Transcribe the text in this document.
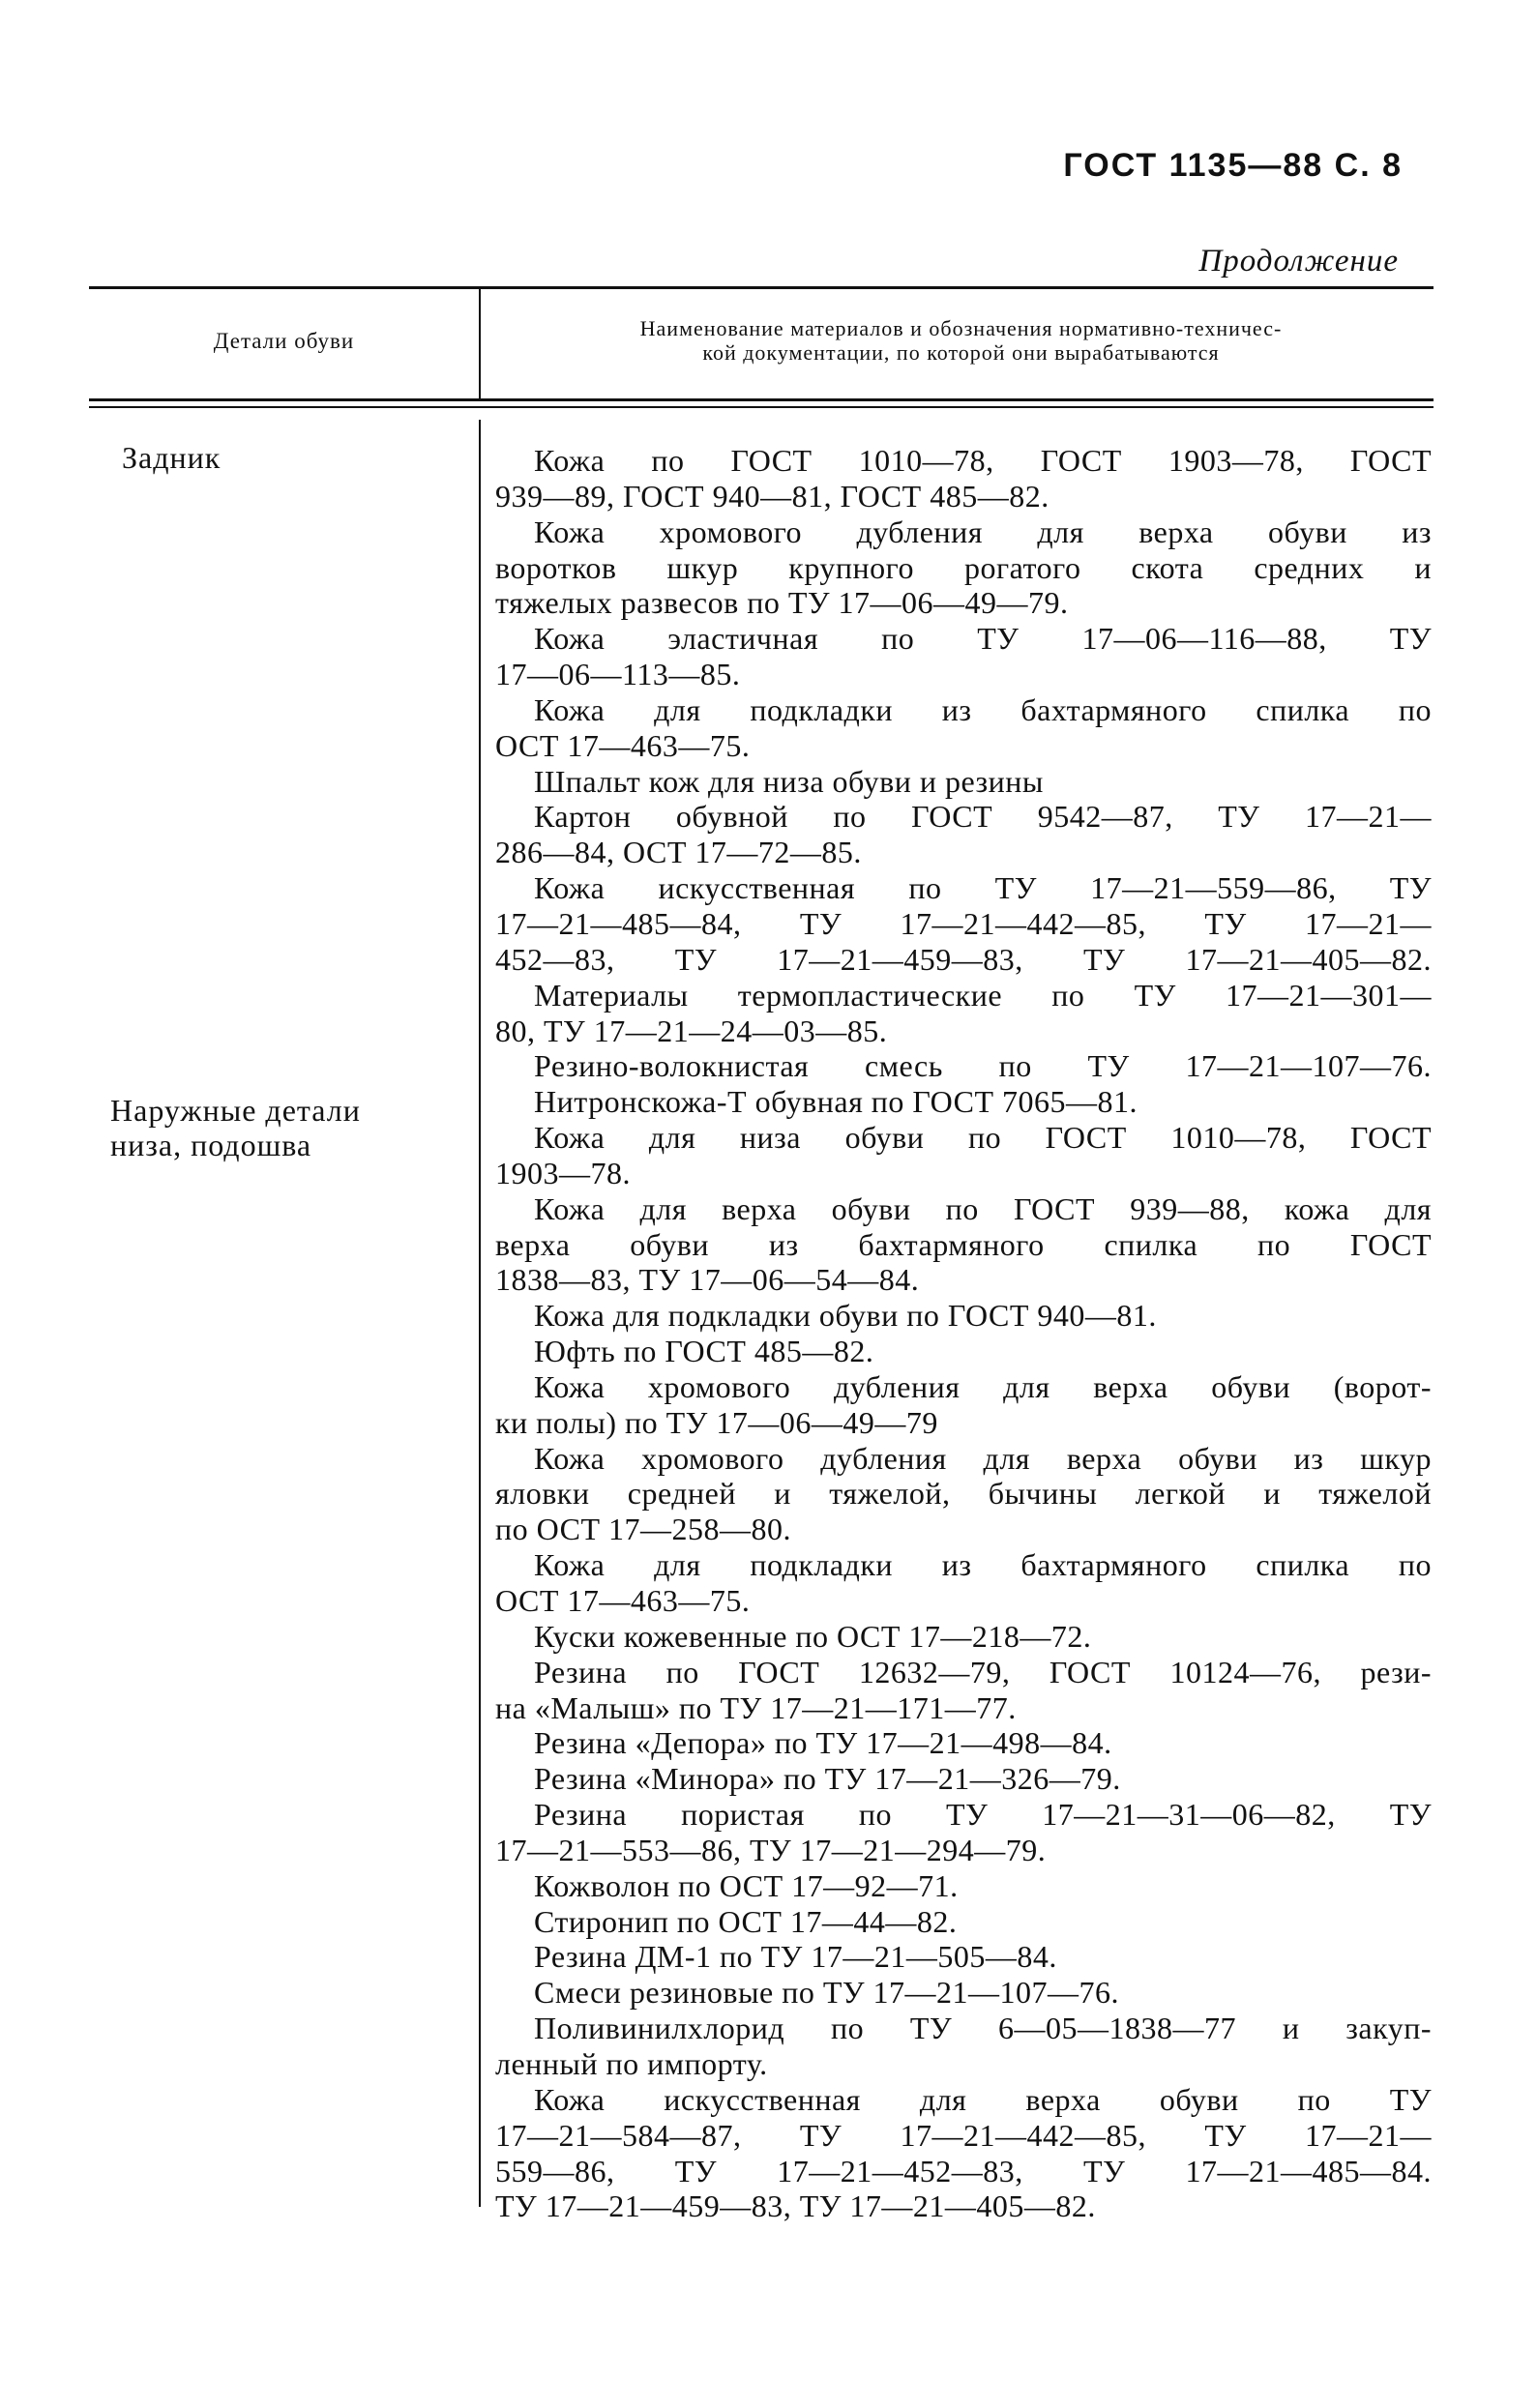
ГОСТ 1135—88 С. 8
Продолжение
Детали обуви
Наименование материалов и обозначения нормативно-техничес-
кой документации, по которой они вырабатываются
Задник
Наружные детали
низа, подошва
Кожа по ГОСТ 1010—78, ГОСТ 1903—78, ГОСТ
939—89, ГОСТ 940—81, ГОСТ 485—82.
Кожа хромового дубления для верха обуви из
воротков шкур крупного рогатого скота средних и
тяжелых развесов по ТУ 17—06—49—79.
Кожа эластичная по ТУ 17—06—116—88, ТУ
17—06—113—85.
Кожа для подкладки из бахтармяного спилка по
ОСТ 17—463—75.
Шпальт кож для низа обуви и резины
Картон обувной по ГОСТ 9542—87, ТУ 17—21—
286—84, ОСТ 17—72—85.
Кожа искусственная по ТУ 17—21—559—86, ТУ
17—21—485—84, ТУ 17—21—442—85, ТУ 17—21—
452—83, ТУ 17—21—459—83, ТУ 17—21—405—82.
Материалы термопластические по ТУ 17—21—301—
80, ТУ 17—21—24—03—85.
Резино-волокнистая смесь по ТУ 17—21—107—76.
Нитронскожа-Т обувная по ГОСТ 7065—81.
Кожа для низа обуви по ГОСТ 1010—78, ГОСТ
1903—78.
Кожа для верха обуви по ГОСТ 939—88, кожа для
верха обуви из бахтармяного спилка по ГОСТ
1838—83, ТУ 17—06—54—84.
Кожа для подкладки обуви по ГОСТ 940—81.
Юфть по ГОСТ 485—82.
Кожа хромового дубления для верха обуви (ворот-
ки полы) по ТУ 17—06—49—79
Кожа хромового дубления для верха обуви из шкур
яловки средней и тяжелой, бычины легкой и тяжелой
по ОСТ 17—258—80.
Кожа для подкладки из бахтармяного спилка по
ОСТ 17—463—75.
Куски кожевенные по ОСТ 17—218—72.
Резина по ГОСТ 12632—79, ГОСТ 10124—76, рези-
на «Малыш» по ТУ 17—21—171—77.
Резина «Депора» по ТУ 17—21—498—84.
Резина «Минора» по ТУ 17—21—326—79.
Резина пористая по ТУ 17—21—31—06—82, ТУ
17—21—553—86, ТУ 17—21—294—79.
Кожволон по ОСТ 17—92—71.
Стиронип по ОСТ 17—44—82.
Резина ДМ-1 по ТУ 17—21—505—84.
Смеси резиновые по ТУ 17—21—107—76.
Поливинилхлорид по ТУ 6—05—1838—77 и закуп-
ленный по импорту.
Кожа искусственная для верха обуви по ТУ
17—21—584—87, ТУ 17—21—442—85, ТУ 17—21—
559—86, ТУ 17—21—452—83, ТУ 17—21—485—84.
ТУ 17—21—459—83, ТУ 17—21—405—82.
